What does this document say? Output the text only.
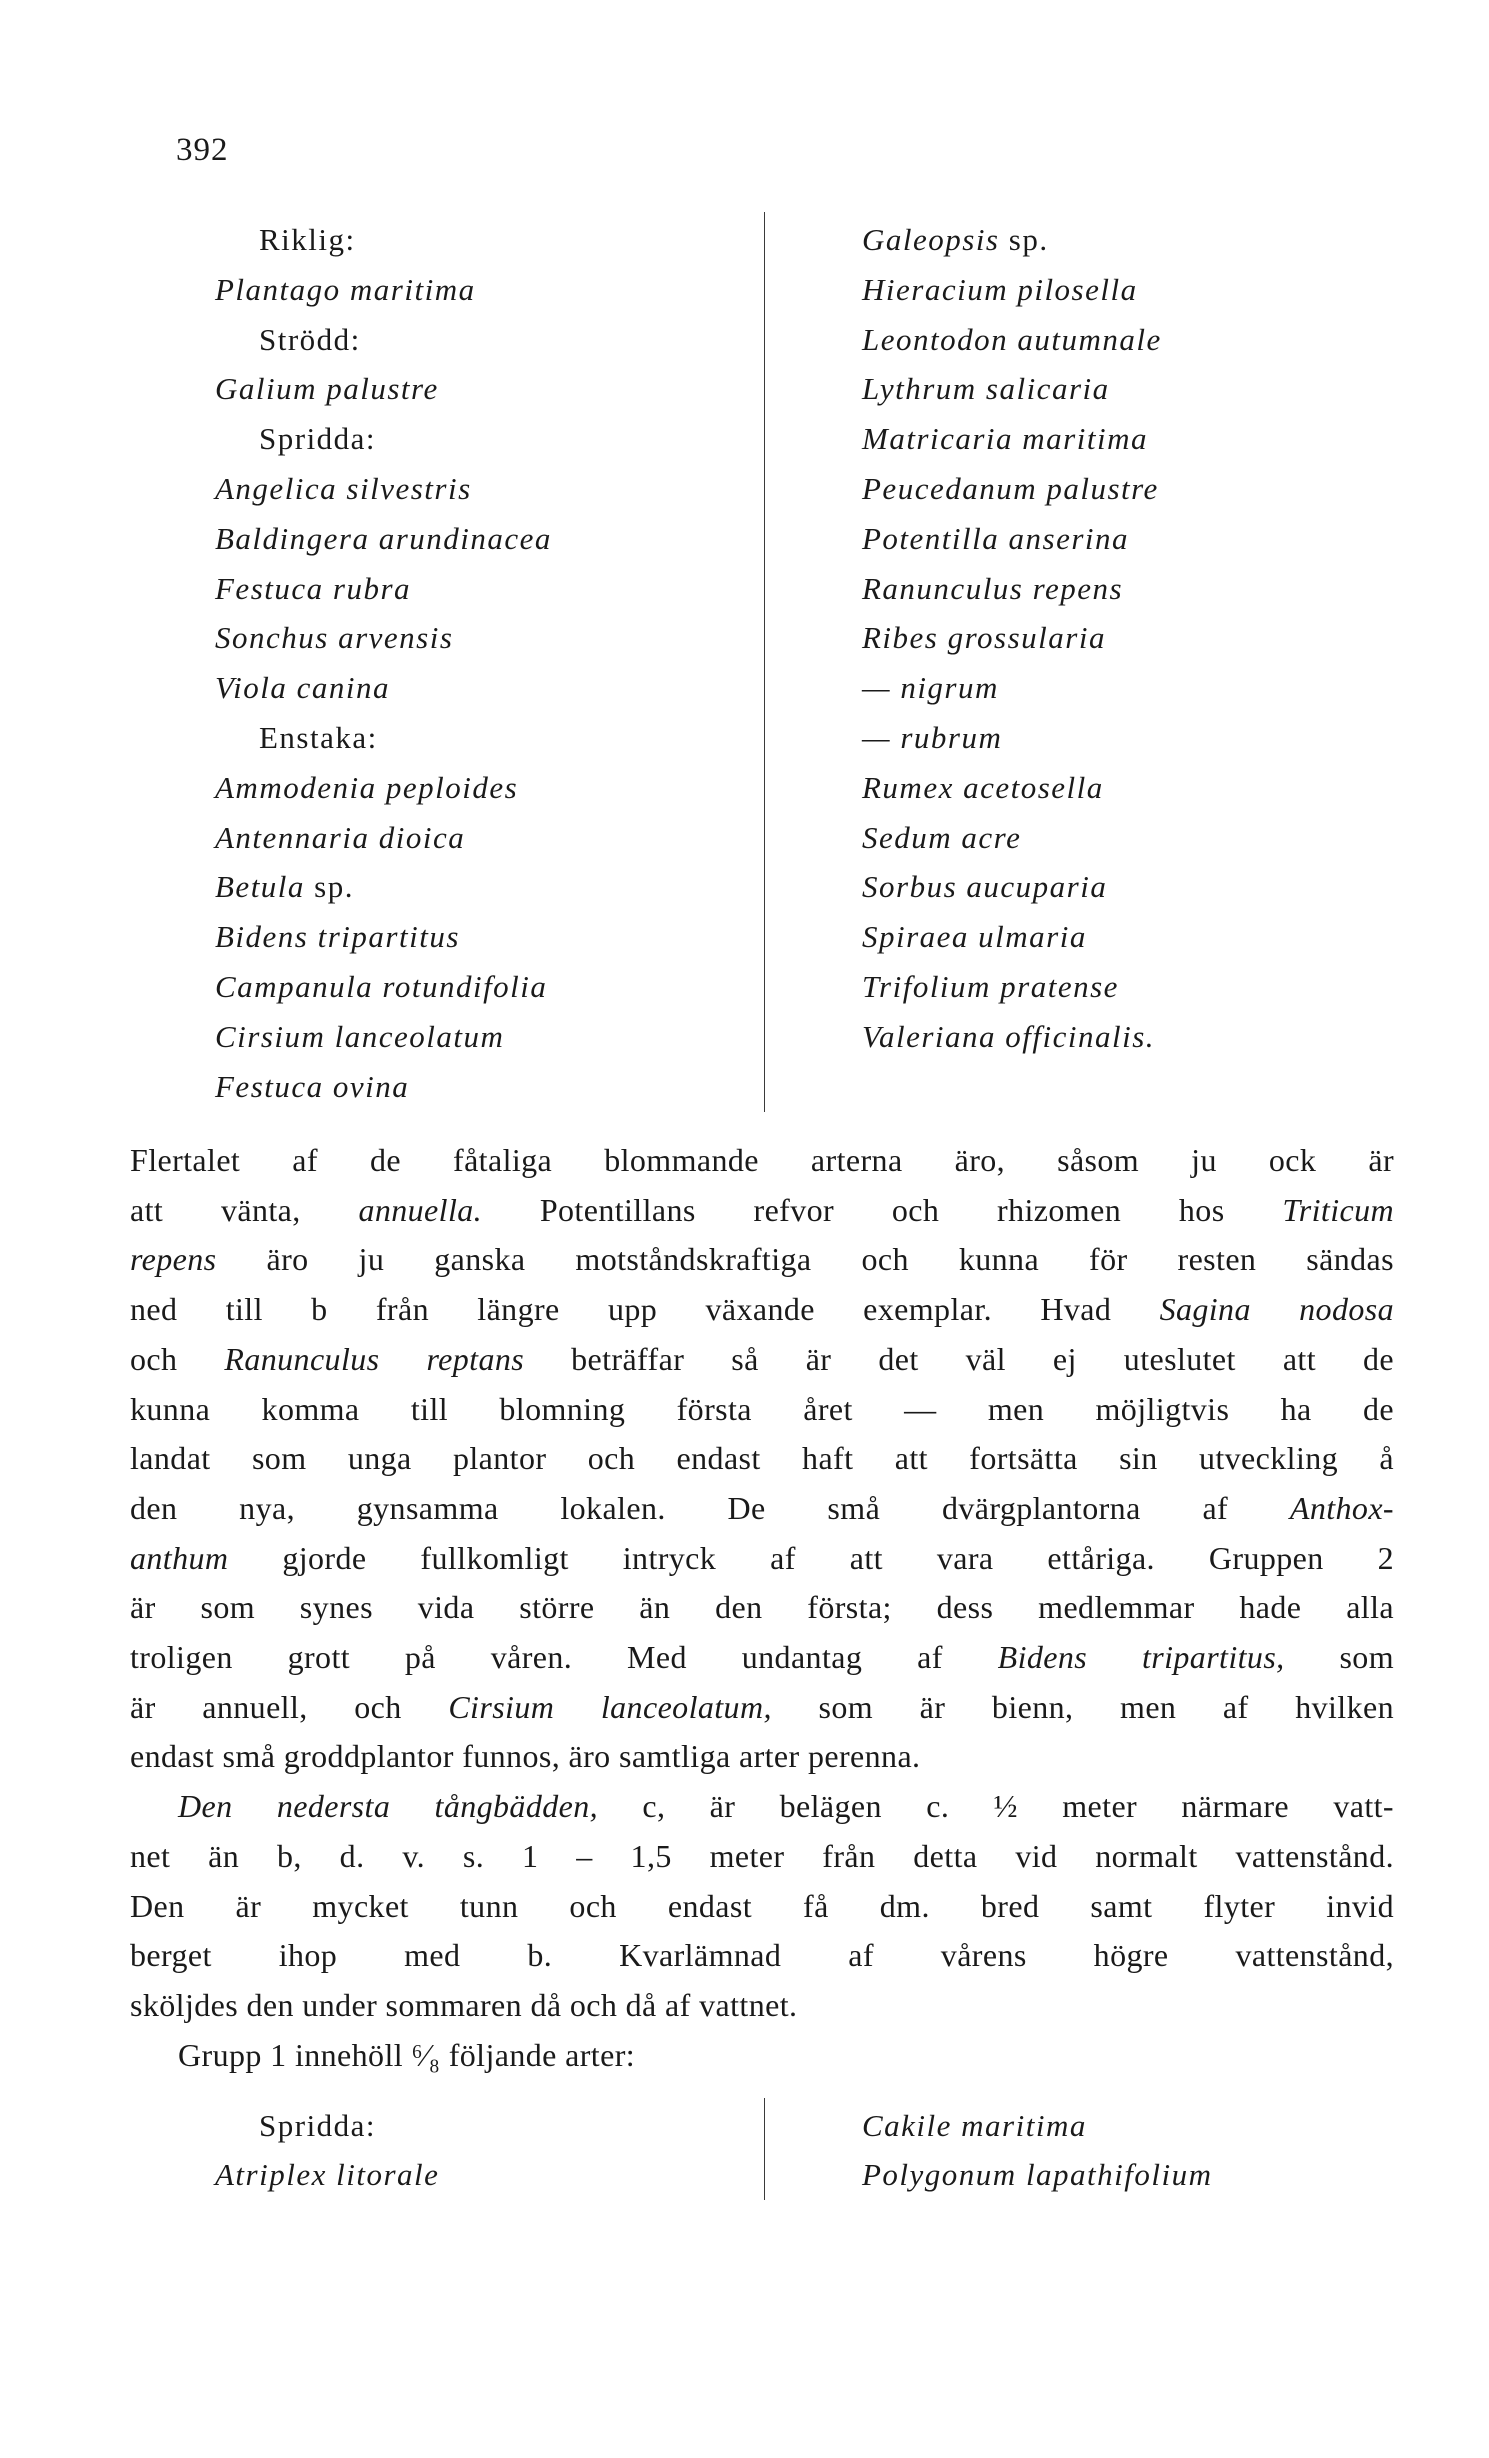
392
Riklig:
Plantago maritima
Strödd:
Galium palustre
Spridda:
Angelica silvestris
Baldingera arundinacea
Festuca rubra
Sonchus arvensis
Viola canina
Enstaka:
Ammodenia peploides
Antennaria dioica
Betula sp.
Bidens tripartitus
Campanula rotundifolia
Cirsium lanceolatum
Festuca ovina
Galeopsis sp.
Hieracium pilosella
Leontodon autumnale
Lythrum salicaria
Matricaria maritima
Peucedanum palustre
Potentilla anserina
Ranunculus repens
Ribes grossularia
— nigrum
— rubrum
Rumex acetosella
Sedum acre
Sorbus aucuparia
Spiraea ulmaria
Trifolium pratense
Valeriana officinalis.
Flertalet af de fåtaliga blommande arterna äro, såsom ju ock är
att vänta, annuella. Potentillans refvor och rhizomen hos Triticum
repens äro ju ganska motståndskraftiga och kunna för resten sändas
ned till b från längre upp växande exemplar. Hvad Sagina nodosa
och Ranunculus reptans beträffar så är det väl ej uteslutet att de
kunna komma till blomning första året — men möjligtvis ha de
landat som unga plantor och endast haft att fortsätta sin utveckling å
den nya, gynsamma lokalen. De små dvärgplantorna af Anthox-
anthum gjorde fullkomligt intryck af att vara ettåriga. Gruppen 2
är som synes vida större än den första; dess medlemmar hade alla
troligen grott på våren. Med undantag af Bidens tripartitus, som
är annuell, och Cirsium lanceolatum, som är bienn, men af hvilken
endast små groddplantor funnos, äro samtliga arter perenna.
Den nedersta tångbädden, c, är belägen c. ½ meter närmare vatt-
net än b, d. v. s. 1 – 1,5 meter från detta vid normalt vattenstånd.
Den är mycket tunn och endast få dm. bred samt flyter invid
berget ihop med b. Kvarlämnad af vårens högre vattenstånd,
sköljdes den under sommaren då och då af vattnet.
Grupp 1 innehöll ⁶⁄₈ följande arter:
Spridda:
Atriplex litorale
Cakile maritima
Polygonum lapathifolium
